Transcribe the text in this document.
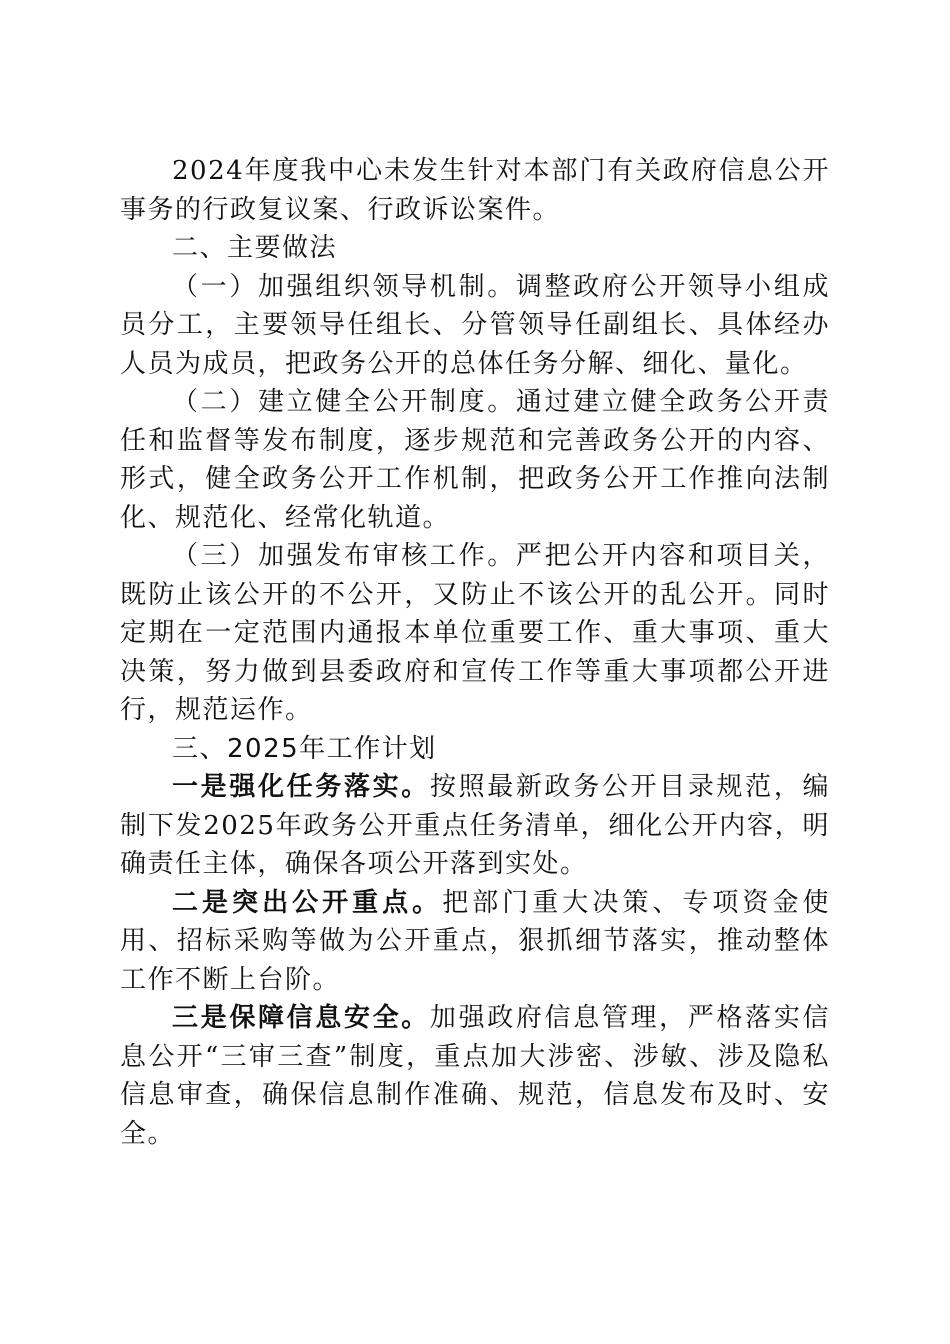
2024年度我中心未发生针对本部门有关政府信息公开事务的行政复议案、行政诉讼案件。

二、主要做法

（一）加强组织领导机制。调整政府公开领导小组成员分工，主要领导任组长、分管领导任副组长、具体经办人员为成员，把政务公开的总体任务分解、细化、量化。

（二）建立健全公开制度。通过建立健全政务公开责任和监督等发布制度，逐步规范和完善政务公开的内容、形式，健全政务公开工作机制，把政务公开工作推向法制化、规范化、经常化轨道。

（三）加强发布审核工作。严把公开内容和项目关，既防止该公开的不公开，又防止不该公开的乱公开。同时定期在一定范围内通报本单位重要工作、重大事项、重大决策，努力做到县委政府和宣传工作等重大事项都公开进行，规范运作。

三、2025年工作计划

一是强化任务落实。按照最新政务公开目录规范，编制下发2025年政务公开重点任务清单，细化公开内容，明确责任主体，确保各项公开落到实处。

二是突出公开重点。把部门重大决策、专项资金使用、招标采购等做为公开重点，狠抓细节落实，推动整体工作不断上台阶。

三是保障信息安全。加强政府信息管理，严格落实信息公开“三审三查”制度，重点加大涉密、涉敏、涉及隐私信息审查，确保信息制作准确、规范，信息发布及时、安全。
